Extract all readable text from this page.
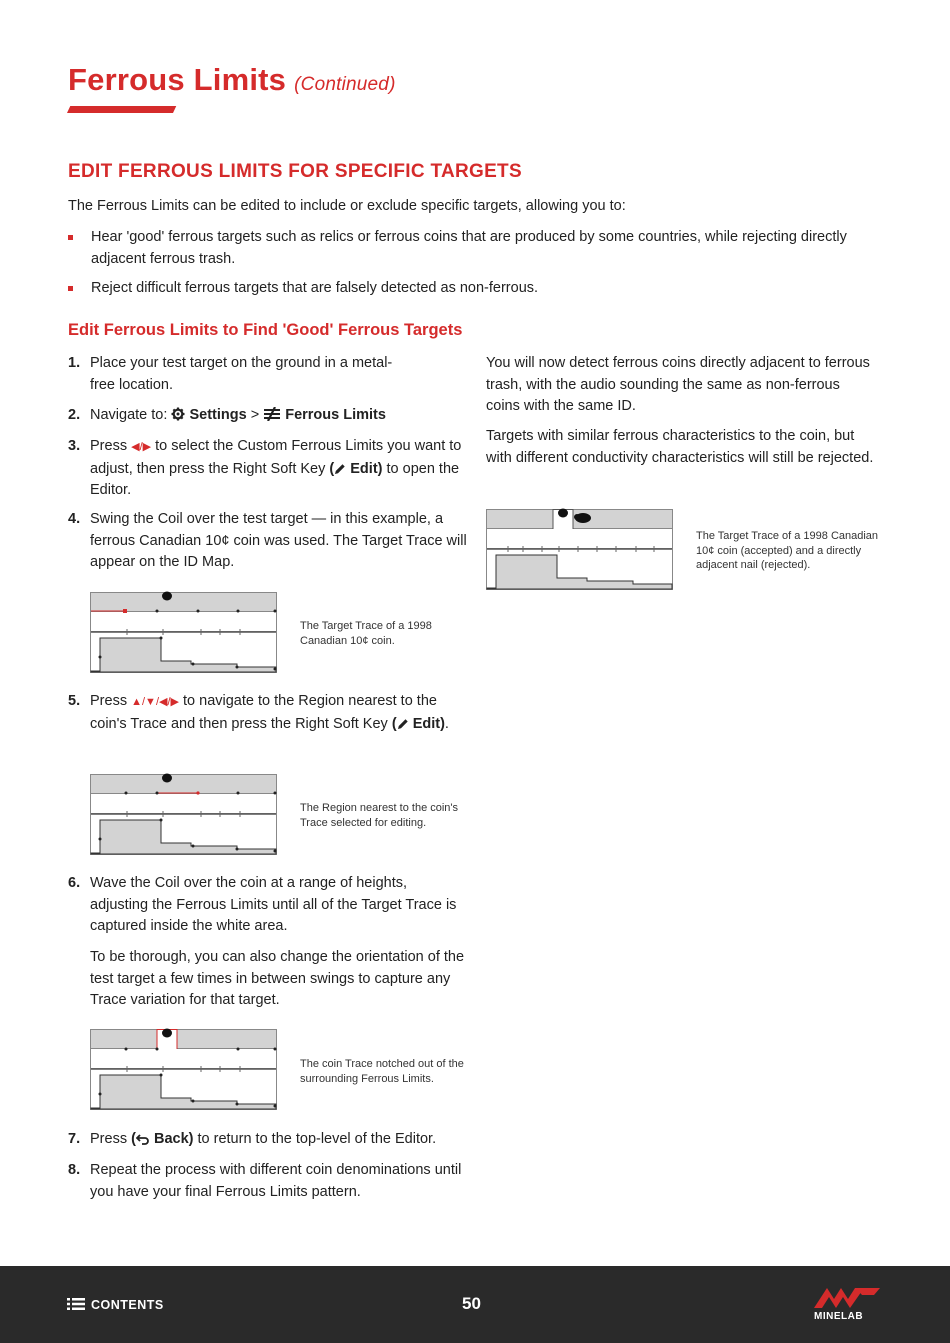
Ferrous Limits (Continued)
EDIT FERROUS LIMITS FOR SPECIFIC TARGETS
The Ferrous Limits can be edited to include or exclude specific targets, allowing you to:
Hear 'good' ferrous targets such as relics or ferrous coins that are produced by some countries, while rejecting directly adjacent ferrous trash.
Reject difficult ferrous targets that are falsely detected as non-ferrous.
Edit Ferrous Limits to Find 'Good' Ferrous Targets
1. Place your test target on the ground in a metal-free location.
2. Navigate to: Settings > Ferrous Limits
3. Press ◀/▶ to select the Custom Ferrous Limits you want to adjust, then press the Right Soft Key ( Edit) to open the Editor.
4. Swing the Coil over the test target — in this example, a ferrous Canadian 10¢ coin was used. The Target Trace will appear on the ID Map.
The Target Trace of a 1998 Canadian 10¢ coin.
5. Press ▲/▼/◀/▶ to navigate to the Region nearest to the coin's Trace and then press the Right Soft Key ( Edit).
The Region nearest to the coin's Trace selected for editing.
6. Wave the Coil over the coin at a range of heights, adjusting the Ferrous Limits until all of the Target Trace is captured inside the white area.
To be thorough, you can also change the orientation of the test target a few times in between swings to capture any Trace variation for that target.
The coin Trace notched out of the surrounding Ferrous Limits.
7. Press ( Back) to return to the top-level of the Editor.
8. Repeat the process with different coin denominations until you have your final Ferrous Limits pattern.
You will now detect ferrous coins directly adjacent to ferrous trash, with the audio sounding the same as non-ferrous coins with the same ID.
Targets with similar ferrous characteristics to the coin, but with different conductivity characteristics will still be rejected.
The Target Trace of a 1998 Canadian 10¢ coin (accepted) and a directly adjacent nail (rejected).
CONTENTS	50
MINELAB
